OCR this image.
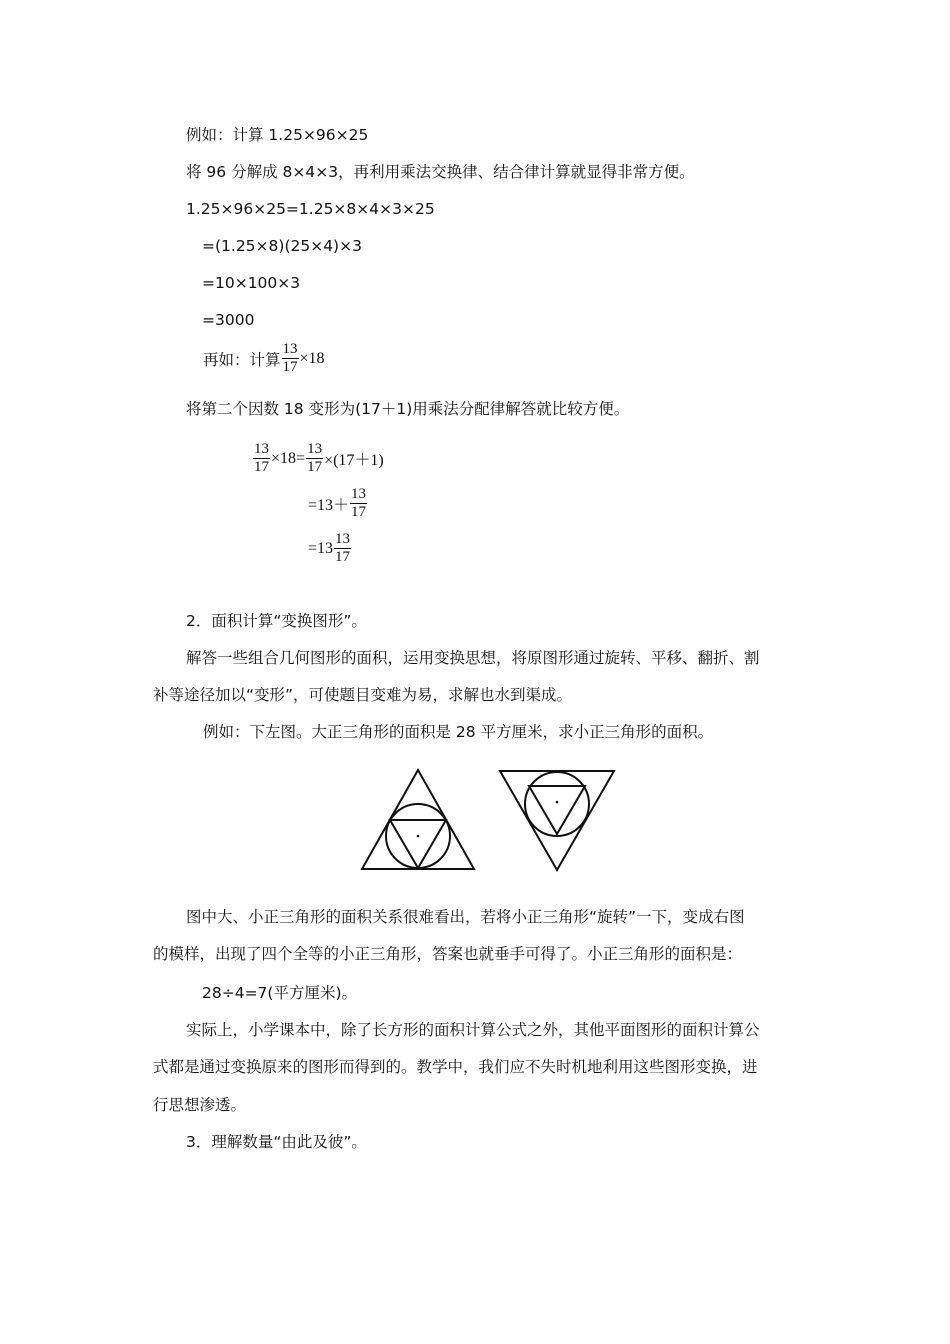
例如：计算 1.25×96×25
将 96 分解成 8×4×3，再利用乘法交换律、结合律计算就显得非常方便。
1.25×96×25=1.25×8×4×3×25
=(1.25×8)(25×4)×3
=10×100×3
=3000
再如：计算 $\frac{13}{17} \times 18$
将第二个因数 18 变形为(17＋1)用乘法分配律解答就比较方便。
$\frac{13}{17} \times 18 = \frac{13}{17} \times(17+1)$
$=13+ \frac{13}{17}$
$=13 \frac{13}{17}$
2．面积计算“变换图形”。
解答一些组合几何图形的面积，运用变换思想，将原图形通过旋转、平移、翻折、割
补等途径加以“变形”，可使题目变难为易，求解也水到渠成。
例如：下左图。大正三角形的面积是 28 平方厘米，求小正三角形的面积。
图中大、小正三角形的面积关系很难看出，若将小正三角形“旋转”一下，变成右图
的模样，出现了四个全等的小正三角形，答案也就垂手可得了。小正三角形的面积是：
28÷4=7(平方厘米)。
实际上，小学课本中，除了长方形的面积计算公式之外，其他平面图形的面积计算公
式都是通过变换原来的图形而得到的。教学中，我们应不失时机地利用这些图形变换，进
行思想渗透。
3．理解数量“由此及彼”。
